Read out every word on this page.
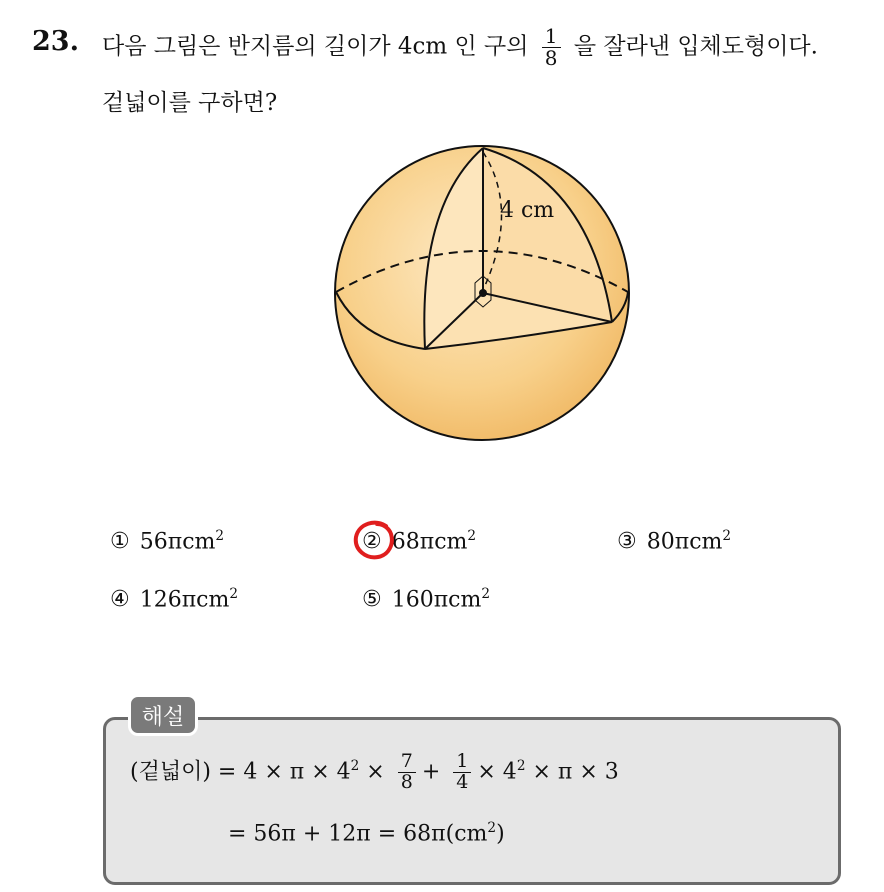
23. 다음 그림은 반지름의 길이가 4cm 인 구의 $\frac{1}{8}$ 을 잘라낸 입체도형이다.
겉넓이를 구하면?
4 cm
① 56πcm$^2$	② 68πcm$^2$	③ 80πcm$^2$
④ 126πcm$^2$	⑤ 160πcm$^2$
해설
(겉넓이) = $4 \times \pi \times 4^2 \times \frac{7}{8} + \frac{1}{4} \times 4^2 \times \pi \times 3$
= $56\pi + 12\pi = 68\pi(cm^2)$
